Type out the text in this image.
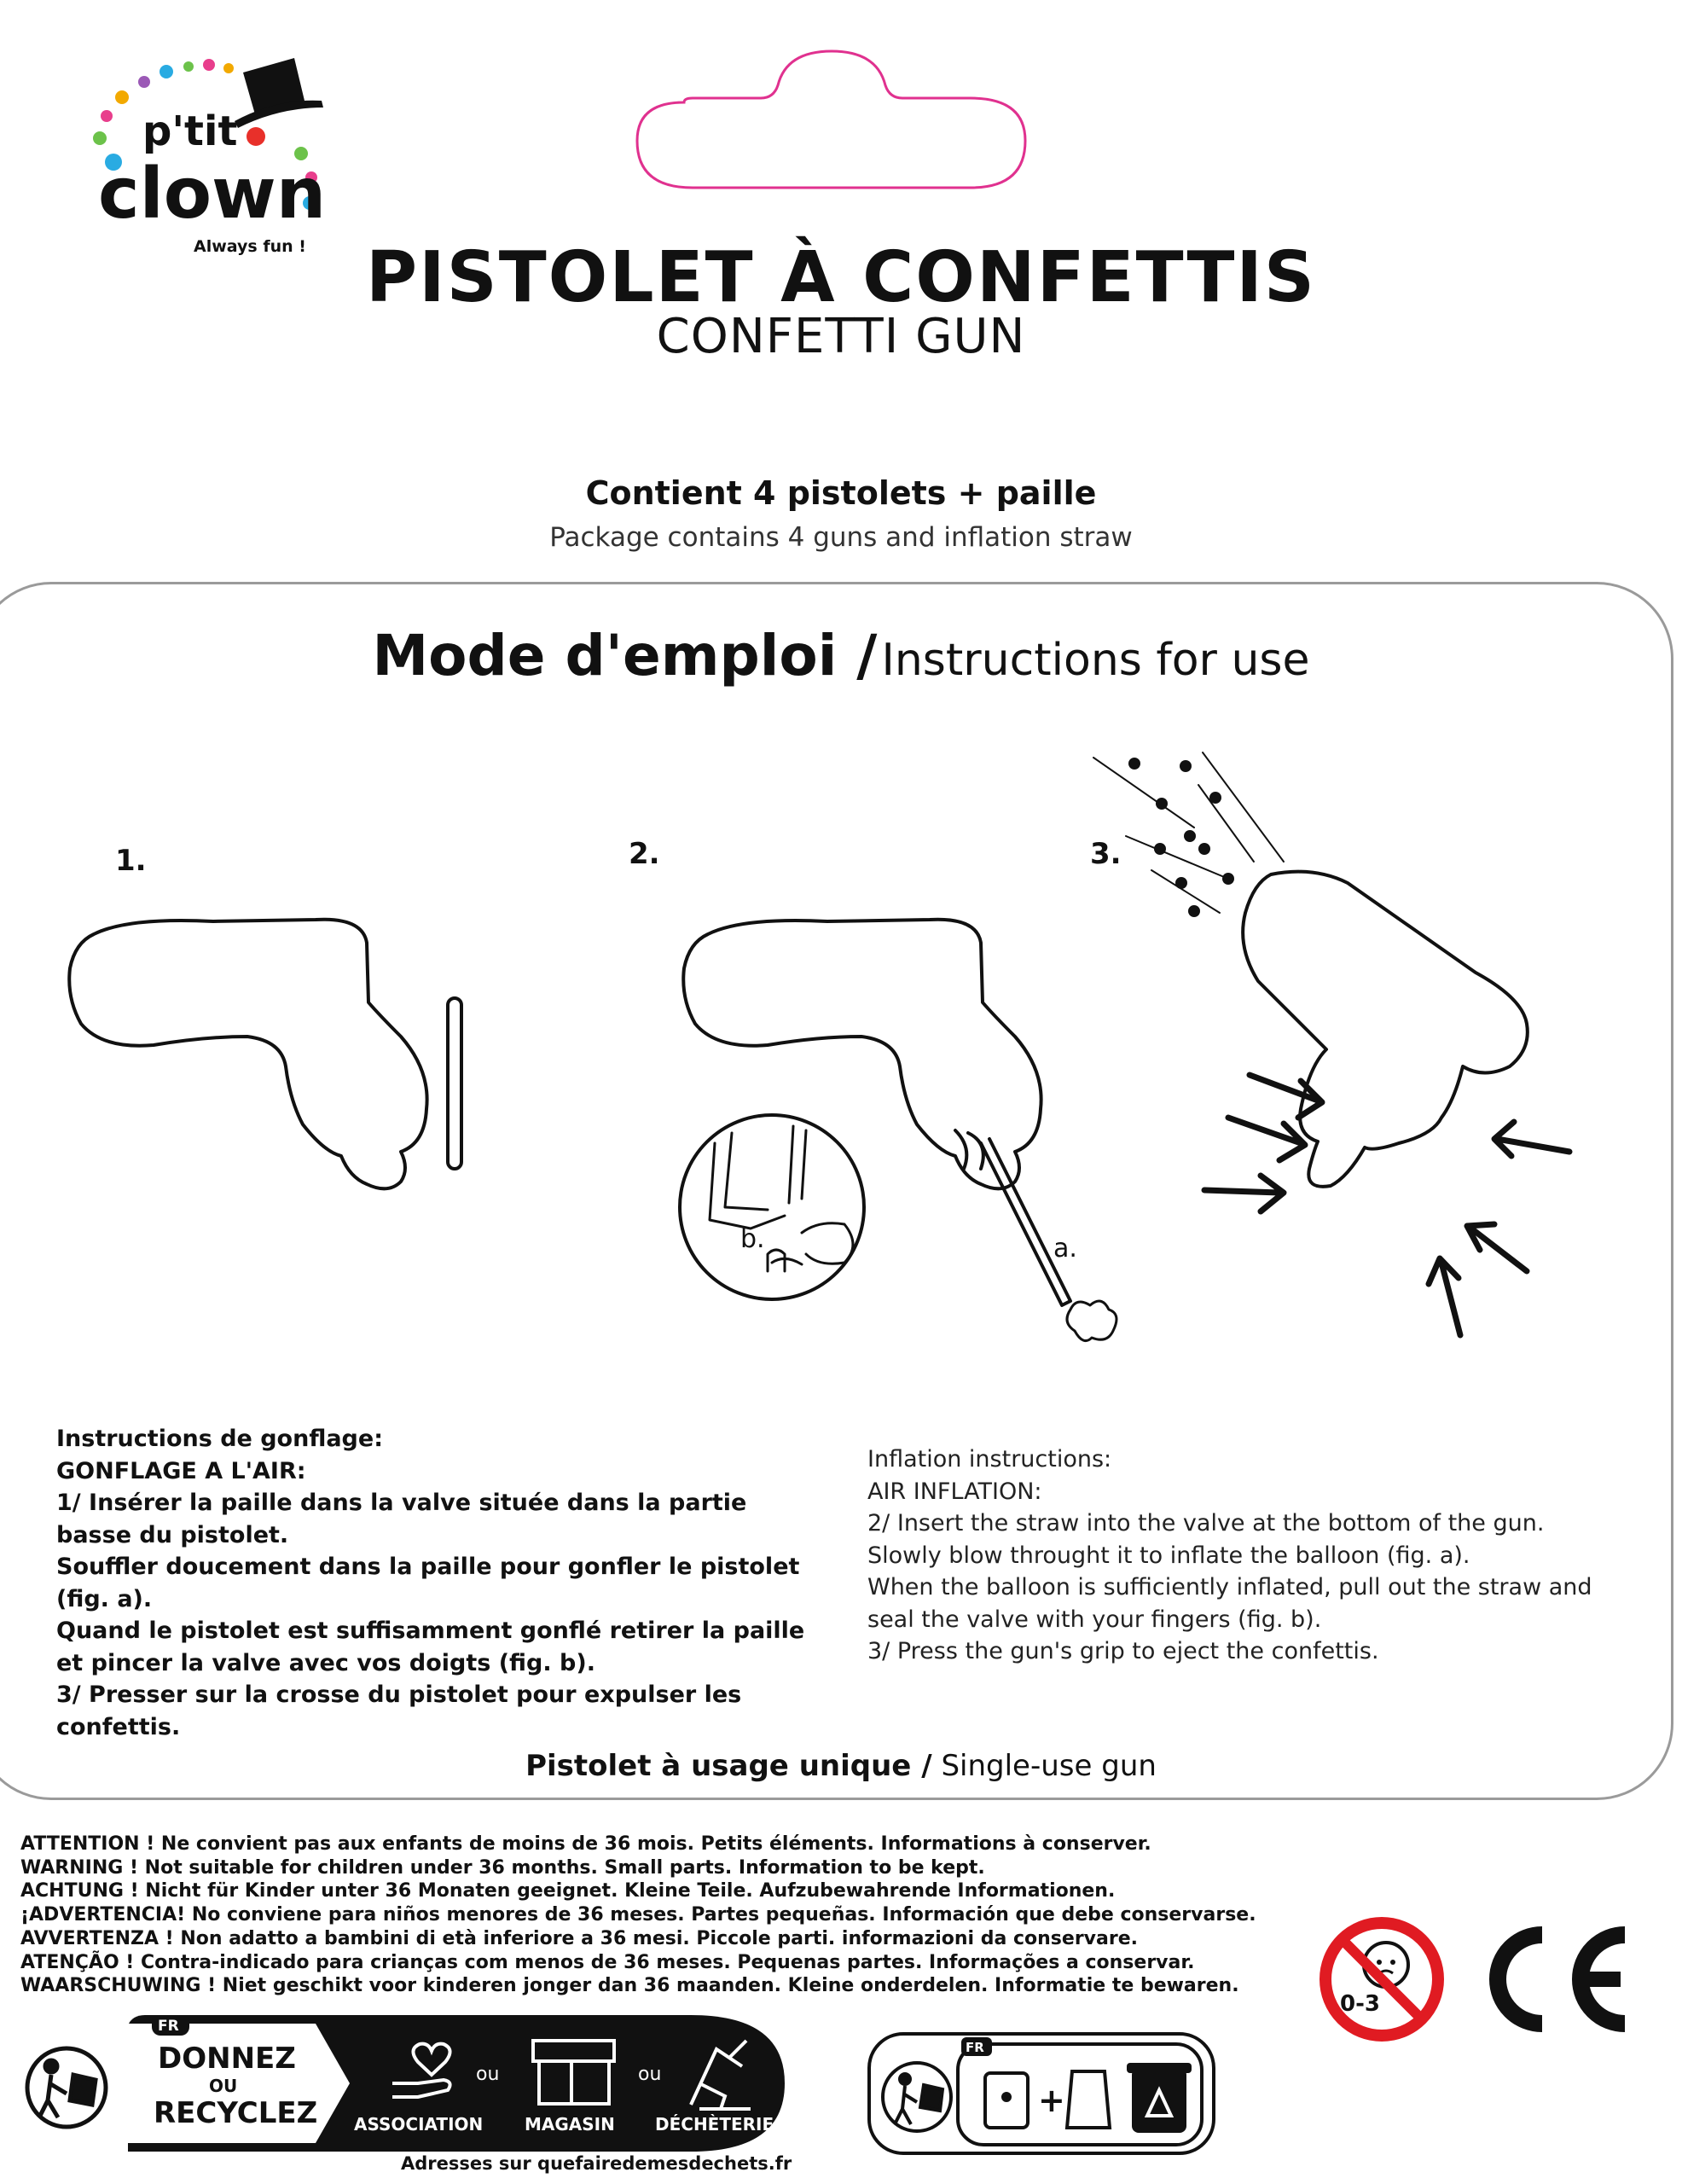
p'tit
clown
Always fun ! PISTOLET À CONFETTIS
CONFETTI GUN
Contient 4 pistolets + paille
Package contains 4 guns and inflation straw
Mode d'emploi / Instructions for use
1.	2.
a.
b.
3.
Instructions de gonflage:
GONFLAGE A L'AIR:
1/ Insérer la paille dans la valve située dans la partie basse du pistolet.
Souffler doucement dans la paille pour gonfler le pistolet (fig. a).
Quand le pistolet est suffisamment gonflé retirer la paille et pincer la valve avec vos doigts (fig. b).
3/ Presser sur la crosse du pistolet pour expulser les confettis.
Inflation instructions:
AIR INFLATION:
2/ Insert the straw into the valve at the bottom of the gun.
Slowly blow throught it to inflate the balloon (fig. a).
When the balloon is sufficiently inflated, pull out the straw and seal the valve with your fingers (fig. b).
3/ Press the gun's grip to eject the confettis.
Pistolet à usage unique / Single-use gun
ATTENTION ! Ne convient pas aux enfants de moins de 36 mois. Petits éléments. Informations à conserver.
WARNING ! Not suitable for children under 36 months. Small parts. Information to be kept.
ACHTUNG ! Nicht für Kinder unter 36 Monaten geeignet. Kleine Teile. Aufzubewahrende Informationen.
¡ADVERTENCIA! No conviene para niños menores de 36 meses. Partes pequeñas. Información que debe conservarse.
AVVERTENZA ! Non adatto a bambini di età inferiore a 36 mesi. Piccole parti. informazioni da conservare.
ATENÇÃO ! Contra-indicado para crianças com menos de 36 meses. Pequenas partes. Informações a conservar.
WAARSCHUWING ! Niet geschikt voor kinderen jonger dan 36 maanden. Kleine onderdelen. Informatie te bewaren.
0-3
FR
DONNEZ
OU
RECYCLEZ ASSOCIATION
ou
MAGASIN
ou
DÉCHÈTERIE
Adresses sur quefairedemesdechets.fr
FR
+
